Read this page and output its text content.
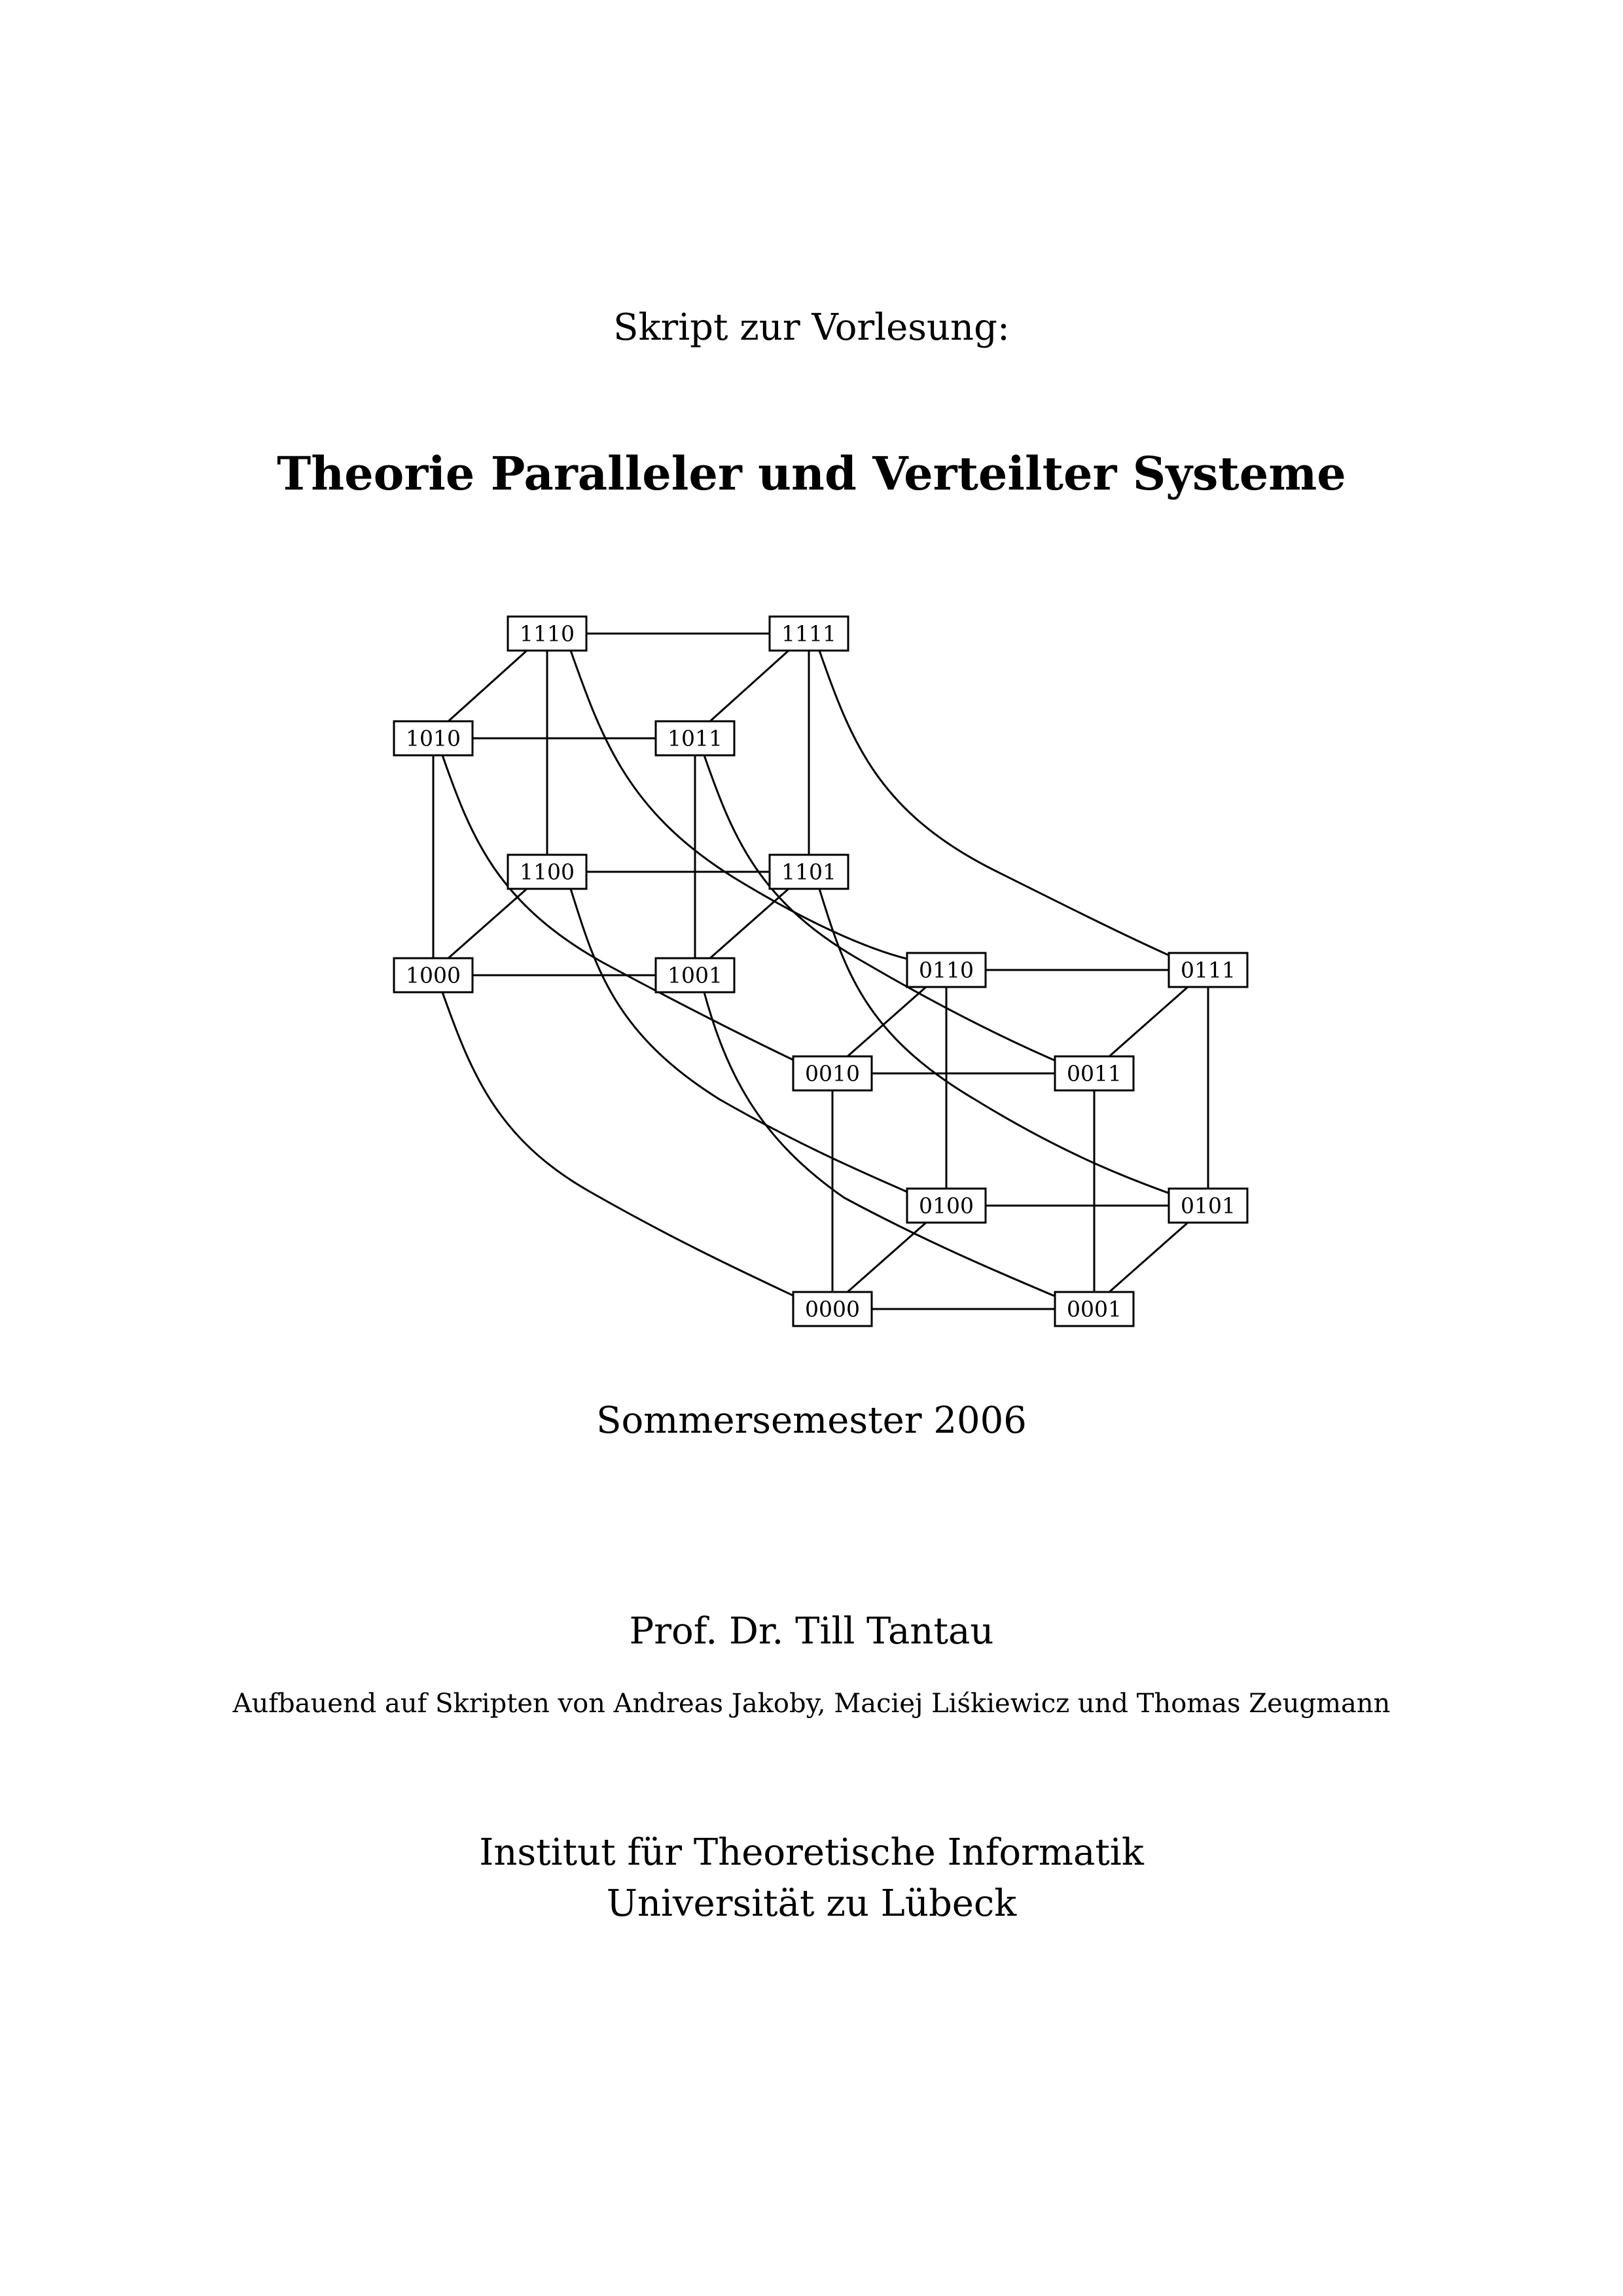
Skript zur Vorlesung:
Theorie Paralleler und Verteilter Systeme
1110	1111
1010	1011
1100	1101
1000	1001	0110	0111
0010	0011
0100	0101
0000	0001

Sommersemester 2006

Prof. Dr. Till Tantau

Aufbauend auf Skripten von Andreas Jakoby, Maciej Liśkiewicz und Thomas Zeugmann

Institut für Theoretische Informatik

Universität zu Lübeck
